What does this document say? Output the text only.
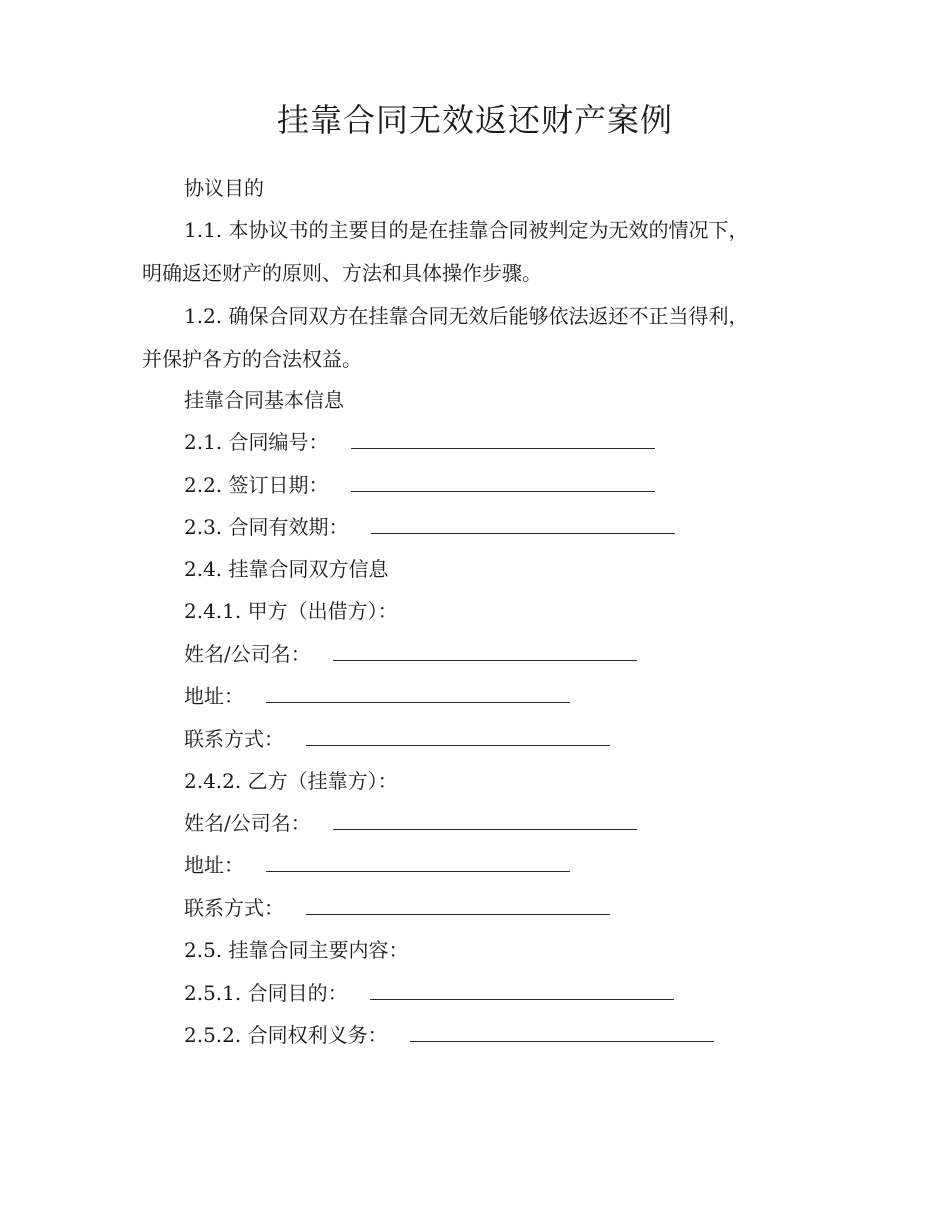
挂靠合同无效返还财产案例
协议目的
1.1. 本协议书的主要目的是在挂靠合同被判定为无效的情况下，
明确返还财产的原则、方法和具体操作步骤。
1.2. 确保合同双方在挂靠合同无效后能够依法返还不正当得利，
并保护各方的合法权益。
挂靠合同基本信息
2.1. 合同编号：
2.2. 签订日期：
2.3. 合同有效期：
2.4. 挂靠合同双方信息
2.4.1. 甲方（出借方）：
姓名/公司名：
地址：
联系方式：
2.4.2. 乙方（挂靠方）：
姓名/公司名：
地址：
联系方式：
2.5. 挂靠合同主要内容：
2.5.1. 合同目的：
2.5.2. 合同权利义务：
